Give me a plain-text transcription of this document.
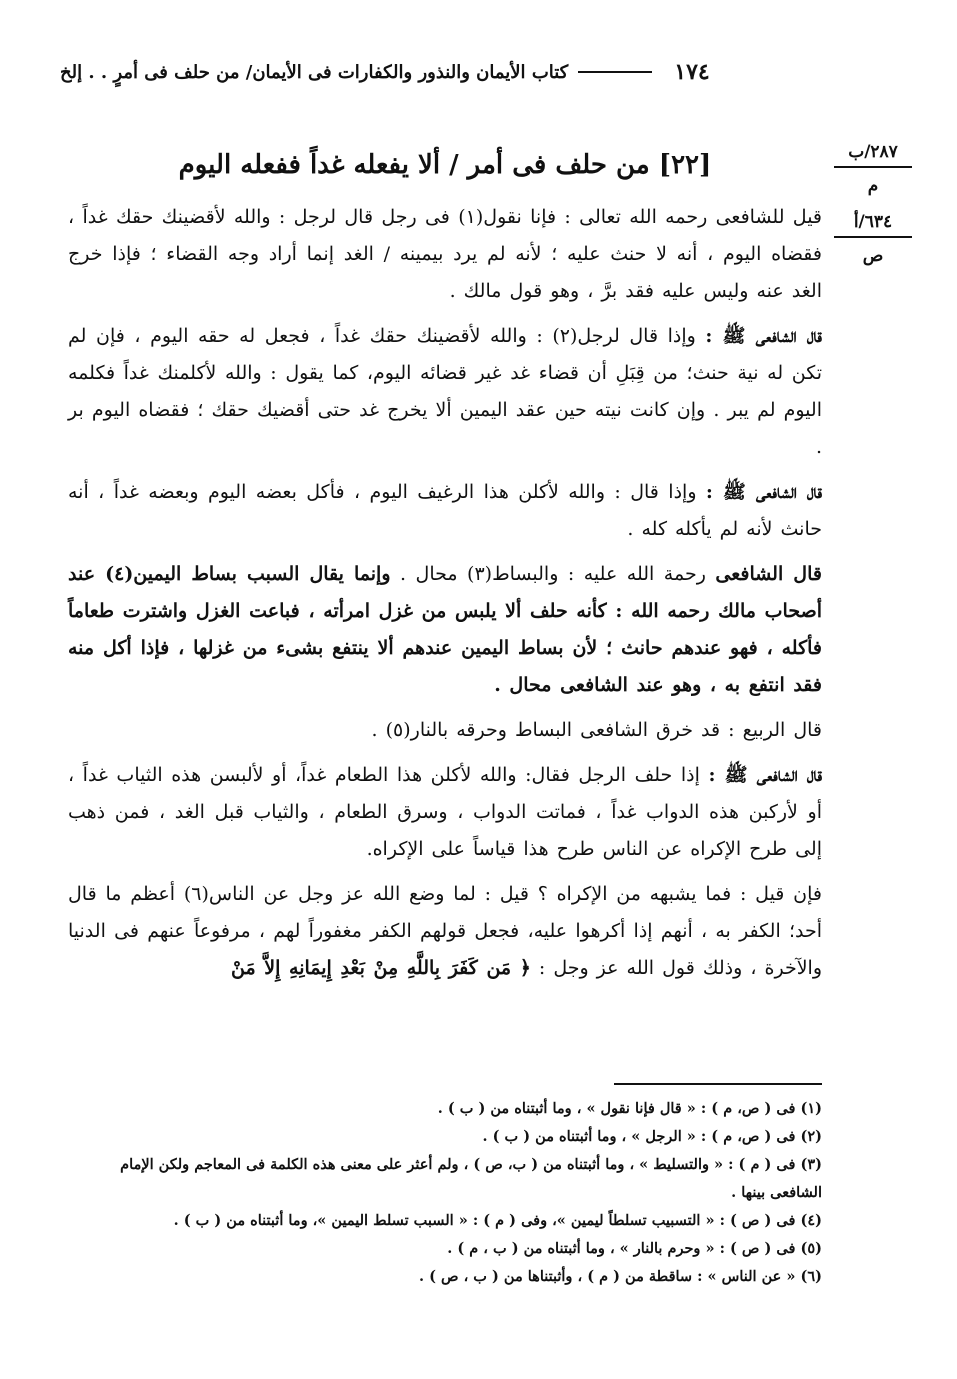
١٧٤
كتاب الأيمان والنذور والكفارات فى الأيمان/ من حلف فى أمرٍ . . إلخ
٢٨٧/ب
م
٦٣٤/أ
ص
[٢٢] من حلف فى أمر / ألا يفعله غداً ففعله اليوم

قيل للشافعى رحمه الله تعالى : فإنا نقول(١) فى رجل قال لرجل : والله لأقضينك حقك غداً ، فقضاه اليوم ، أنه لا حنث عليه ؛ لأنه لم يرد بيمينه / الغد إنما أراد وجه القضاء ؛ فإذا خرج الغد عنه وليس عليه فقد برَّ ، وهو قول مالك .

قال الشافعى ﷺ : وإذا قال لرجل(٢) : والله لأقضينك حقك غداً ، فجعل له حقه اليوم ، فإن لم تكن له نية حنث؛ من قِبَلِ أن قضاء غد غير قضائه اليوم، كما يقول : والله لأكلمنك غداً فكلمه اليوم لم يبر . وإن كانت نيته حين عقد اليمين ألا يخرج غد حتى أقضيك حقك ؛ فقضاه اليوم بر .

قال الشافعى ﷺ : وإذا قال : والله لأكلن هذا الرغيف اليوم ، فأكل بعضه اليوم وبعضه غداً ، أنه حانث لأنه لم يأكله كله .

قال الشافعى رحمة الله عليه : والبساط(٣) محال . وإنما يقال السبب بساط اليمين(٤) عند أصحاب مالك رحمه الله : كأنه حلف ألا يلبس من غزل امرأته ، فباعت الغزل واشترت طعاماً فأكله ، فهو عندهم حانث ؛ لأن بساط اليمين عندهم ألا ينتفع بشىء من غزلها ، فإذا أكل منه فقد انتفع به ، وهو عند الشافعى محال .

قال الربيع : قد خرق الشافعى البساط وحرقه بالنار(٥) .

قال الشافعى ﷺ : إذا حلف الرجل فقال: والله لأكلن هذا الطعام غداً، أو لألبسن هذه الثياب غداً ، أو لأركبن هذه الدواب غداً ، فماتت الدواب ، وسرق الطعام ، والثياب قبل الغد ، فمن ذهب إلى طرح الإكراه عن الناس طرح هذا قياساً على الإكراه.

فإن قيل : فما يشبهه من الإكراه ؟ قيل : لما وضع الله عز وجل عن الناس(٦) أعظم ما قال أحد؛ الكفر به ، أنهم إذا أكرهوا عليه، فجعل قولهم الكفر مغفوراً لهم ، مرفوعاً عنهم فى الدنيا والآخرة ، وذلك قول الله عز وجل : ﴿ مَن كَفَرَ بِاللَّهِ مِنْ بَعْدِ إِيمَانِهِ إِلاَّ مَنْ

(١) فى ( ص، م ) : « قال فإنا نقول » ، وما أثبتناه من ( ب ) .

(٢) فى ( ص، م ) : « الرجل » ، وما أثبتناه من ( ب ) .

(٣) فى ( م ) : « والتسليط » ، وما أثبتناه من ( ب، ص ) ، ولم أعثر على معنى هذه الكلمة فى المعاجم ولكن الإمام الشافعى بينها .

(٤) فى ( ص ) : « التسبيب تسلطاً ليمين »، وفى ( م ) : « السبب تسلط اليمين »، وما أثبتناه من ( ب ) .

(٥) فى ( ص ) : « وحرم بالنار » ، وما أثبتناه من ( ب ، م ) .

(٦) « عن الناس » : ساقطة من ( م ) ، وأثبتناها من ( ب ، ص ) .
